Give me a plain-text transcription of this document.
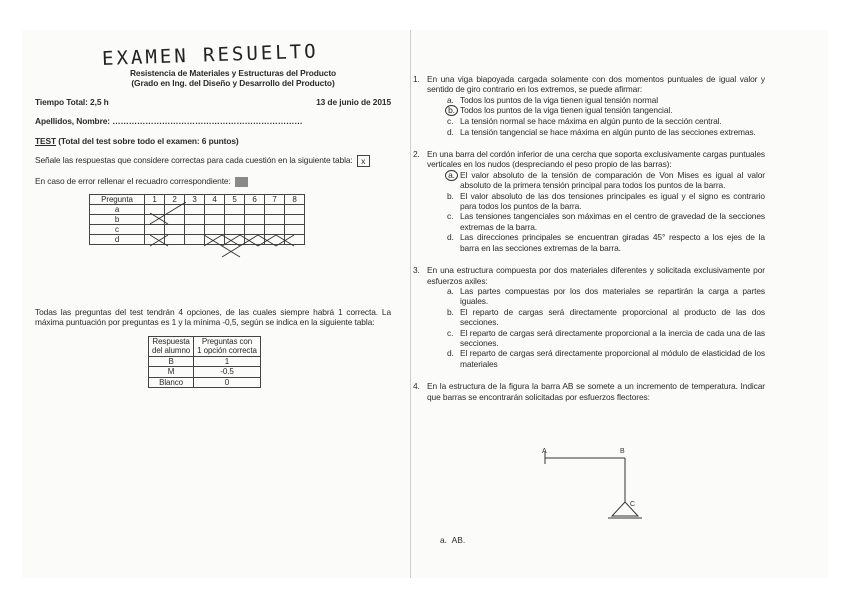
EXAMEN RESUELTO
Resistencia de Materiales y Estructuras del Producto
(Grado en Ing. del Diseño y Desarrollo del Producto)
Tiempo Total: 2,5 h	13 de junio de 2015
Apellidos, Nombre: ……………………………………………………………
TEST (Total del test sobre todo el examen: 6 puntos)
Señale las respuestas que considere correctas para cada cuestión en la siguiente tabla: x
En caso de error rellenar el recuadro correspondiente:
Pregunta	1	2	3	4	5	6	7	8
a								
b								
c								
d								
Todas las preguntas del test tendrán 4 opciones, de las cuales siempre habrá 1 correcta. La máxima puntuación por preguntas es 1 y la mínima -0,5, según se indica en la siguiente tabla:
Respuesta
del alumno	Preguntas con
1 opción correcta
B	1
M	-0.5
Blanco	0
1. En una viga biapoyada cargada solamente con dos momentos puntuales de igual valor y sentido de giro contrario en los extremos, se puede afirmar:
a. Todos los puntos de la viga tienen igual tensión normal
b. Todos los puntos de la viga tienen igual tensión tangencial.
c. La tensión normal se hace máxima en algún punto de la sección central.
d. La tensión tangencial se hace máxima en algún punto de las secciones extremas.
2. En una barra del cordón inferior de una cercha que soporta exclusivamente cargas puntuales verticales en los nudos (despreciando el peso propio de las barras):
a. El valor absoluto de la tensión de comparación de Von Mises es igual al valor absoluto de la primera tensión principal para todos los puntos de la barra.
b. El valor absoluto de las dos tensiones principales es igual y el signo es contrario para todos los puntos de la barra.
c. Las tensiones tangenciales son máximas en el centro de gravedad de la secciones extremas de la barra.
d. Las direcciones principales se encuentran giradas 45° respecto a los ejes de la barra en las secciones extremas de la barra.
3. En una estructura compuesta por dos materiales diferentes y solicitada exclusivamente por esfuerzos axiles:
a. Las partes compuestas por los dos materiales se repartirán la carga a partes iguales.
b. El reparto de cargas será directamente proporcional al producto de las dos secciones.
c. El reparto de cargas será directamente proporcional a la inercia de cada una de las secciones.
d. El reparto de cargas será directamente proporcional al módulo de elasticidad de los materiales
4. En la estructura de la figura la barra AB se somete a un incremento de temperatura. Indicar que barras se encontrarán solicitadas por esfuerzos flectores:
A	B
C
a. AB.
